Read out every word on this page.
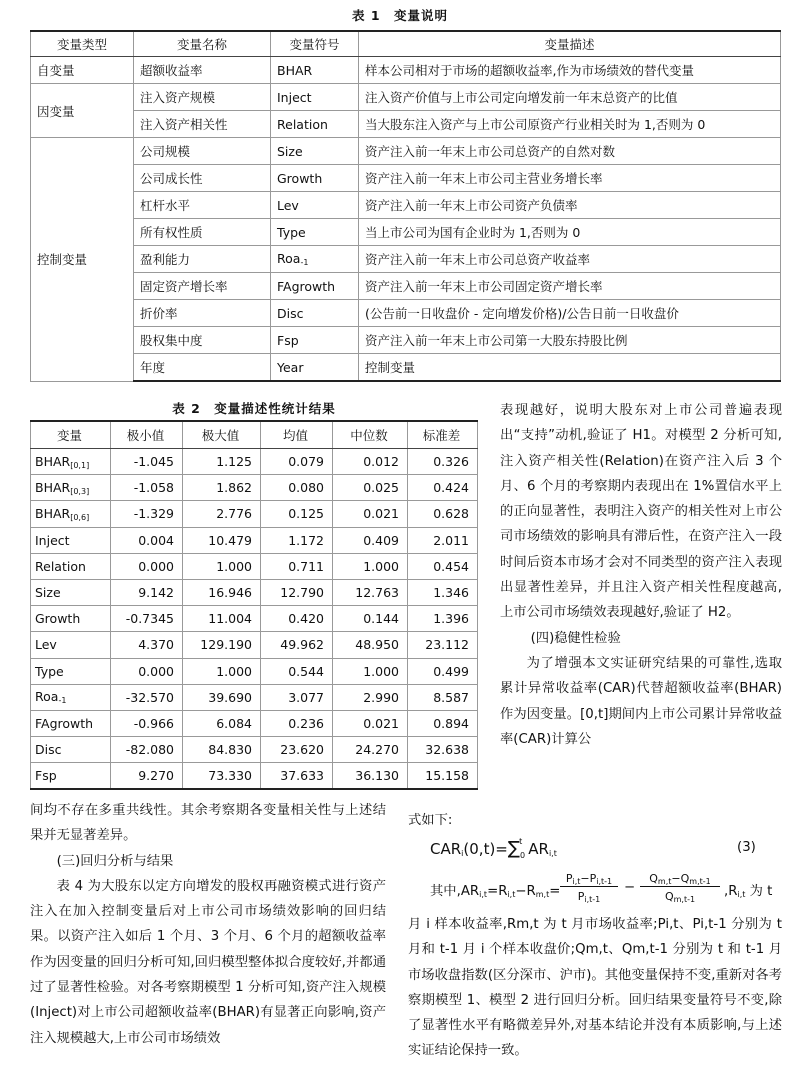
表 1　变量说明
变量类型	变量名称	变量符号	变量描述
自变量	超额收益率	BHAR	样本公司相对于市场的超额收益率,作为市场绩效的替代变量
因变量	注入资产规模	Inject	注入资产价值与上市公司定向增发前一年末总资产的比值
	注入资产相关性	Relation	当大股东注入资产与上市公司原资产行业相关时为 1,否则为 0
控制变量	公司规模	Size	资产注入前一年末上市公司总资产的自然对数
	公司成长性	Growth	资产注入前一年末上市公司主营业务增长率
	杠杆水平	Lev	资产注入前一年末上市公司资产负债率
	所有权性质	Type	当上市公司为国有企业时为 1,否则为 0
	盈利能力	Roa$_{-1}$	资产注入前一年末上市公司总资产收益率
	固定资产增长率	FAgrowth	资产注入前一年末上市公司固定资产增长率
	折价率	Disc	(公告前一日收盘价 - 定向增发价格)/公告日前一日收盘价
	股权集中度	Fsp	资产注入前一年末上市公司第一大股东持股比例
	年度	Year	控制变量
表 2　变量描述性统计结果
变量	极小值	极大值	均值	中位数	标准差
$BHAR_{[0,1]}$	-1.045	1.125	0.079	0.012	0.326
$BHAR_{[0,3]}$	-1.058	1.862	0.080	0.025	0.424
$BHAR_{[0,6]}$	-1.329	2.776	0.125	0.021	0.628
Inject	0.004	10.479	1.172	0.409	2.011
Relation	0.000	1.000	0.711	1.000	0.454
Size	9.142	16.946	12.790	12.763	1.346
Growth	-0.7345	11.004	0.420	0.144	1.396
Lev	4.370	129.190	49.962	48.950	23.112
Type	0.000	1.000	0.544	1.000	0.499
Roa$_{-1}$	-32.570	39.690	3.077	2.990	8.587
FAgrowth	-0.966	6.084	0.236	0.021	0.894
Disc	-82.080	84.830	23.620	24.270	32.638
Fsp	9.270	73.330	37.633	36.130	15.158

表现越好，说明大股东对上市公司普遍表现出“支持”动机,验证了 H1。对模型 2 分析可知,注入资产相关性(Relation)在资产注入后 3 个月、6 个月的考察期内表现出在 1%置信水平上的正向显著性，表明注入资产的相关性对上市公司市场绩效的影响具有滞后性，在资产注入一段时间后资本市场才会对不同类型的资产注入表现出显著性差异，并且注入资产相关性程度越高,上市公司市场绩效表现越好,验证了 H2。

(四)稳健性检验

为了增强本文实证研究结果的可靠性,选取累计异常收益率(CAR)代替超额收益率(BHAR)作为因变量。[0,t]期间内上市公司累计异常收益率(CAR)计算公

间均不存在多重共线性。其余考察期各变量相关性与上述结果并无显著差异。

(三)回归分析与结果

表 4 为大股东以定方向增发的股权再融资模式进行资产注入在加入控制变量后对上市公司市场绩效影响的回归结果。以资产注入如后 1 个月、3 个月、6 个月的超额收益率作为因变量的回归分析可知,回归模型整体拟合度较好,并都通过了显著性检验。对各考察期模型 1 分析可知,资产注入规模(Inject)对上市公司超额收益率(BHAR)有显著正向影响,资产注入规模越大,上市公司市场绩效

式如下:
$CAR_i(0,t)=\sum_0^t$ $AR_{i,t}$	(3)
其中$,AR_{i,t}=R_{i,t}-R_{m,t}=$
$P_{i,t}-P_{i,t-1}$
$P_{i,t-1}$
−
$Q_{m,t}-Q_{m,t-1}$
$Q_{m,t-1}$
$,R_{i,t}$ 为 t
月 i 样本收益率,Rm,t 为 t 月市场收益率;Pi,t、Pi,t-1 分别为 t 月和 t-1 月 i 个样本收盘价;Qm,t、Qm,t-1 分别为 t 和 t-1 月市场收盘指数(区分深市、沪市)。其他变量保持不变,重新对各考察期模型 1、模型 2 进行回归分析。回归结果变量符号不变,除了显著性水平有略微差异外,对基本结论并没有本质影响,与上述实证结论保持一致。
